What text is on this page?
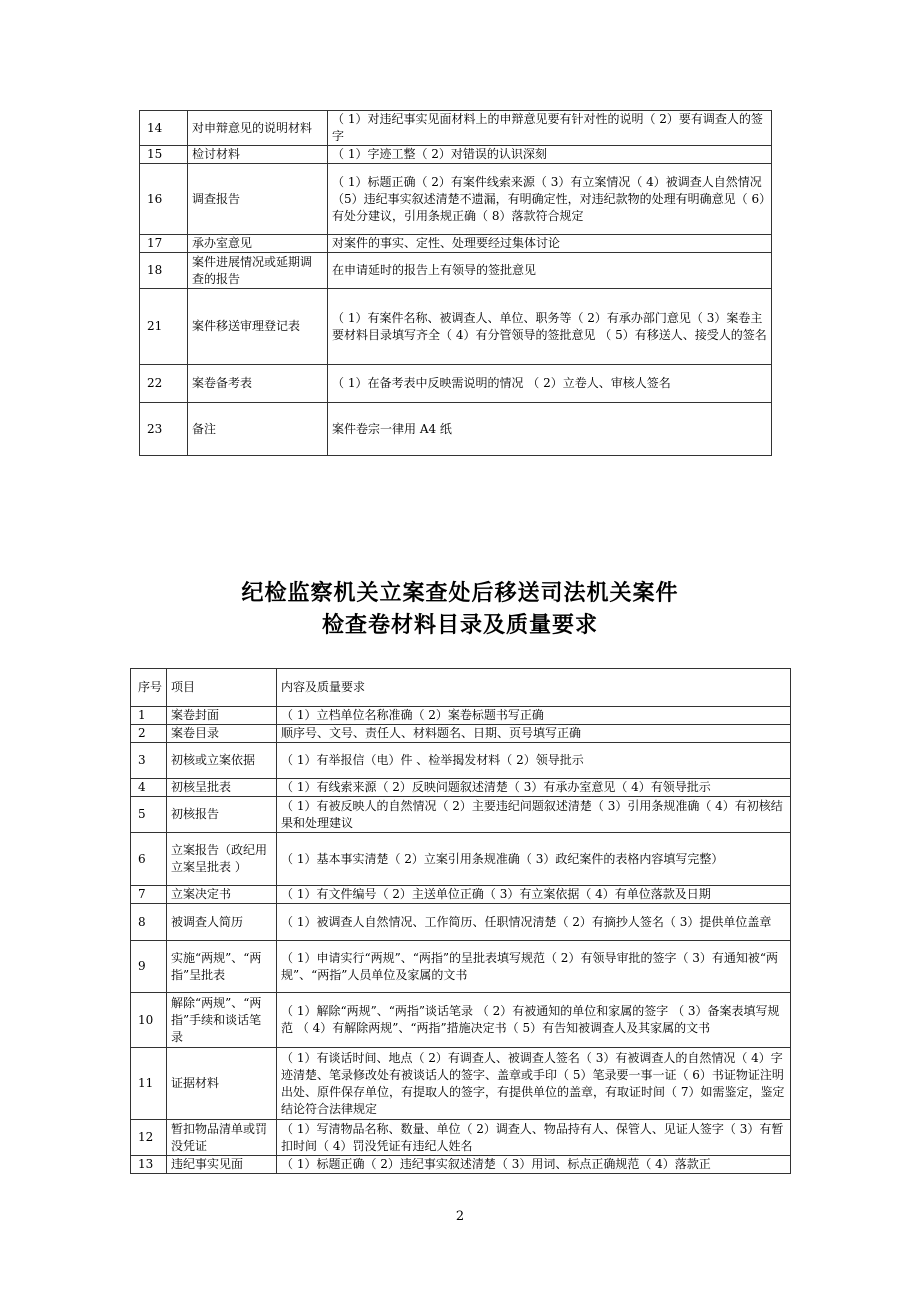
14	对申辩意见的说明材料	（ 1）对违纪事实见面材料上的申辩意见要有针对性的说明（ 2）要有调查人的签字
15	检讨材料	（ 1）字迹工整（ 2）对错误的认识深刻
16	调查报告	（ 1）标题正确（ 2）有案件线索来源（ 3）有立案情况（ 4）被调查人自然情况（5）违纪事实叙述清楚不遗漏，有明确定性，对违纪款物的处理有明确意见（ 6）有处分建议，引用条规正确（ 8）落款符合规定
17	承办室意见	对案件的事实、定性、处理要经过集体讨论
18	案件进展情况或延期调查的报告	在申请延时的报告上有领导的签批意见
21	案件移送审理登记表	（ 1）有案件名称、被调查人、单位、职务等（ 2）有承办部门意见（ 3）案卷主要材料目录填写齐全（ 4）有分管领导的签批意见 （ 5）有移送人、接受人的签名
22	案卷备考表	（ 1）在备考表中反映需说明的情况 （ 2）立卷人、审核人签名
23	备注	案件卷宗一律用 A4 纸
纪检监察机关立案查处后移送司法机关案件
检查卷材料目录及质量要求
序号	项目	内容及质量要求
1	案卷封面	（ 1）立档单位名称准确（ 2）案卷标题书写正确
2	案卷目录	顺序号、文号、责任人、材料题名、日期、页号填写正确
3	初核或立案依据	（ 1）有举报信（电）件 、检举揭发材料（ 2）领导批示
4	初核呈批表	（ 1）有线索来源（ 2）反映问题叙述清楚（ 3）有承办室意见（ 4）有领导批示
5	初核报告	（ 1）有被反映人的自然情况（ 2）主要违纪问题叙述清楚（ 3）引用条规准确（ 4）有初核结果和处理建议
6	立案报告（政纪用立案呈批表 ）	（ 1）基本事实清楚（ 2）立案引用条规准确（ 3）政纪案件的表格内容填写完整）
7	立案决定书	（ 1）有文件编号（ 2）主送单位正确（ 3）有立案依据（ 4）有单位落款及日期
8	被调查人简历	（ 1）被调查人自然情况、工作简历、任职情况清楚（ 2）有摘抄人签名（ 3）提供单位盖章
9	实施“两规”、“两指”呈批表	（ 1）申请实行“两规”、“两指”的呈批表填写规范（ 2）有领导审批的签字（ 3）有通知被“两规”、“两指”人员单位及家属的文书
10	解除“两规”、“两指”手续和谈话笔录	（ 1）解除“两规”、“两指”谈话笔录 （ 2）有被通知的单位和家属的签字 （ 3）备案表填写规范 （ 4）有解除两规”、“两指”措施决定书（ 5）有告知被调查人及其家属的文书
11	证据材料	（ 1）有谈话时间、地点（ 2）有调查人、被调查人签名（ 3）有被调查人的自然情况（ 4）字迹清楚、笔录修改处有被谈话人的签字、盖章或手印（ 5）笔录要一事一证（ 6）书证物证注明出处、原件保存单位，有提取人的签字，有提供单位的盖章，有取证时间（ 7）如需鉴定，鉴定结论符合法律规定
12	暂扣物品清单或罚没凭证	（ 1）写清物品名称、数量、单位（ 2）调查人、物品持有人、保管人、见证人签字（ 3）有暂扣时间（ 4）罚没凭证有违纪人姓名
13	违纪事实见面	（ 1）标题正确（ 2）违纪事实叙述清楚（ 3）用词、标点正确规范（ 4）落款正
2
